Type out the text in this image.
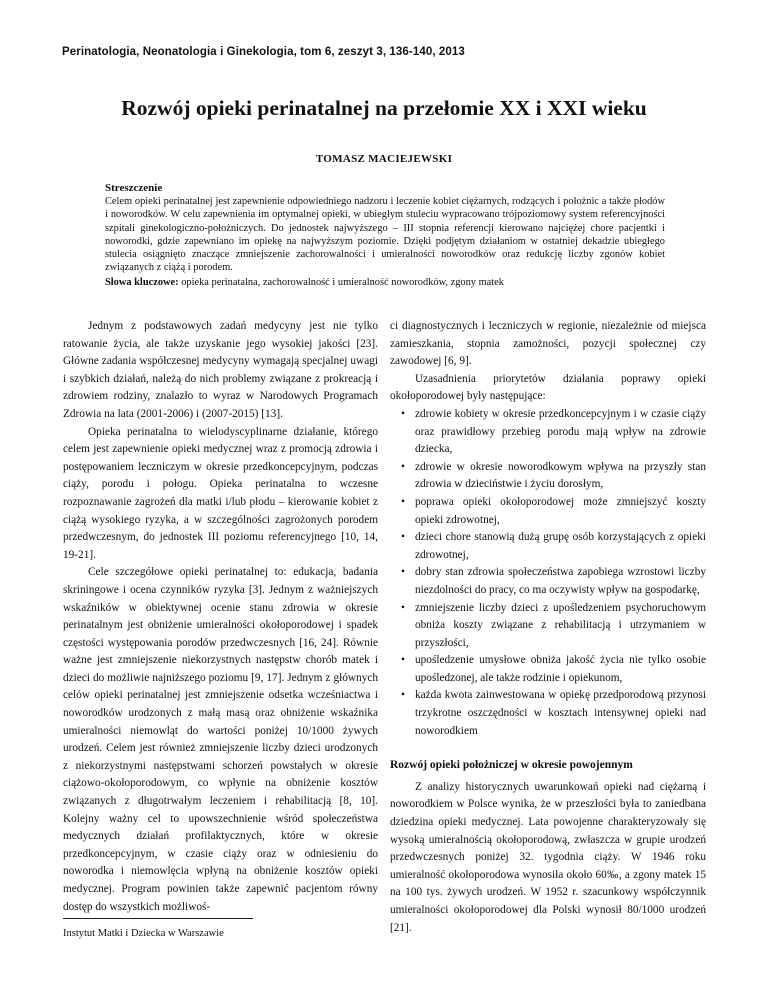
Perinatologia, Neonatologia i Ginekologia, tom 6, zeszyt 3, 136-140, 2013
Rozwój opieki perinatalnej na przełomie XX i XXI wieku
TOMASZ MACIEJEWSKI
Streszczenie
Celem opieki perinatalnej jest zapewnienie odpowiedniego nadzoru i leczenie kobiet ciężarnych, rodzących i położnic a także płodów i noworodków. W celu zapewnienia im optymalnej opieki, w ubiegłym stuleciu wypracowano trójpoziomowy system referencyjności szpitali ginekologiczno-położniczych. Do jednostek najwyższego – III stopnia referencji kierowano najciężej chore pacjentki i noworodki, gdzie zapewniano im opiekę na najwyższym poziomie. Dzięki podjętym działaniom w ostatniej dekadzie ubiegłego stulecia osiągnięto znaczące zmniejszenie zachorowalności i umieralności noworodków oraz redukcję liczby zgonów kobiet związanych z ciążą i porodem.
Słowa kluczowe: opieka perinatalna, zachorowalność i umieralność noworodków, zgony matek

Jednym z podstawowych zadań medycyny jest nie tylko ratowanie życia, ale także uzyskanie jego wysokiej jakości [23]. Główne zadania współczesnej medycyny wymagają specjalnej uwagi i szybkich działań, należą do nich problemy związane z prokreacją i zdrowiem rodziny, znalazło to wyraz w Narodowych Programach Zdrowia na lata (2001-2006) i (2007-2015) [13].

Opieka perinatalna to wielodyscyplinarne działanie, którego celem jest zapewnienie opieki medycznej wraz z promocją zdrowia i postępowaniem leczniczym w okresie przedkoncepcyjnym, podczas ciąży, porodu i połogu. Opieka perinatalna to wczesne rozpoznawanie zagrożeń dla matki i/lub płodu – kierowanie kobiet z ciążą wysokiego ryzyka, a w szczególności zagrożonych porodem przedwczesnym, do jednostek III poziomu referencyjnego [10, 14, 19-21].

Cele szczegółowe opieki perinatalnej to: edukacja, badania skriningowe i ocena czynników ryzyka [3]. Jednym z ważniejszych wskaźników w obiektywnej ocenie stanu zdrowia w okresie perinatalnym jest obniżenie umieralności okołoporodowej i spadek częstości występowania porodów przedwczesnych [16, 24]. Równie ważne jest zmniejszenie niekorzystnych następstw chorób matek i dzieci do możliwie najniższego poziomu [9, 17]. Jednym z głównych celów opieki perinatalnej jest zmniejszenie odsetka wcześniactwa i noworodków urodzonych z małą masą oraz obniżenie wskaźnika umieralności niemowląt do wartości poniżej 10/1000 żywych urodzeń. Celem jest również zmniejszenie liczby dzieci urodzonych z niekorzystnymi następstwami schorzeń powstałych w okresie ciążowo-okołoporodowym, co wpłynie na obniżenie kosztów związanych z długotrwałym leczeniem i rehabilitacją [8, 10]. Kolejny ważny cel to upowszechnienie wśród społeczeństwa medycznych działań profilaktycznych, które w okresie przedkoncepcyjnym, w czasie ciąży oraz w odniesieniu do noworodka i niemowlęcia wpłyną na obniżenie kosztów opieki medycznej. Program powinien także zapewnić pacjentom równy dostęp do wszystkich możliwoś-

ci diagnostycznych i leczniczych w regionie, niezależnie od miejsca zamieszkania, stopnia zamożności, pozycji społecznej czy zawodowej [6, 9].

Uzasadnienia priorytetów działania poprawy opieki okołoporodowej były następujące:

• zdrowie kobiety w okresie przedkoncepcyjnym i w czasie ciąży oraz prawidłowy przebieg porodu mają wpływ na zdrowie dziecka,
• zdrowie w okresie noworodkowym wpływa na przyszły stan zdrowia w dzieciństwie i życiu dorosłym,
• poprawa opieki okołoporodowej może zmniejszyć koszty opieki zdrowotnej,
• dzieci chore stanowią dużą grupę osób korzystających z opieki zdrowotnej,
• dobry stan zdrowia społeczeństwa zapobiega wzrostowi liczby niezdolności do pracy, co ma oczywisty wpływ na gospodarkę,
• zmniejszenie liczby dzieci z upośledzeniem psychoruchowym obniża koszty związane z rehabilitacją i utrzymaniem w przyszłości,
• upośledzenie umysłowe obniża jakość życia nie tylko osobie upośledzonej, ale także rodzinie i opiekunom,
• każda kwota zainwestowana w opiekę przedporodową przynosi trzykrotne oszczędności w kosztach intensywnej opieki nad noworodkiem
Rozwój opieki położniczej w okresie powojennym

Z analizy historycznych uwarunkowań opieki nad ciężarną i noworodkiem w Polsce wynika, że w przeszłości była to zaniedbana dziedzina opieki medycznej. Lata powojenne charakteryzowały się wysoką umieralnością okołoporodową, zwłaszcza w grupie urodzeń przedwczesnych poniżej 32. tygodnia ciąży. W 1946 roku umieralność okołoporodowa wynosiła około 60‰, a zgony matek 15 na 100 tys. żywych urodzeń. W 1952 r. szacunkowy współczynnik umieralności okołoporodowej dla Polski wynosił 80/1000 urodzeń [21].

Instytut Matki i Dziecka w Warszawie
